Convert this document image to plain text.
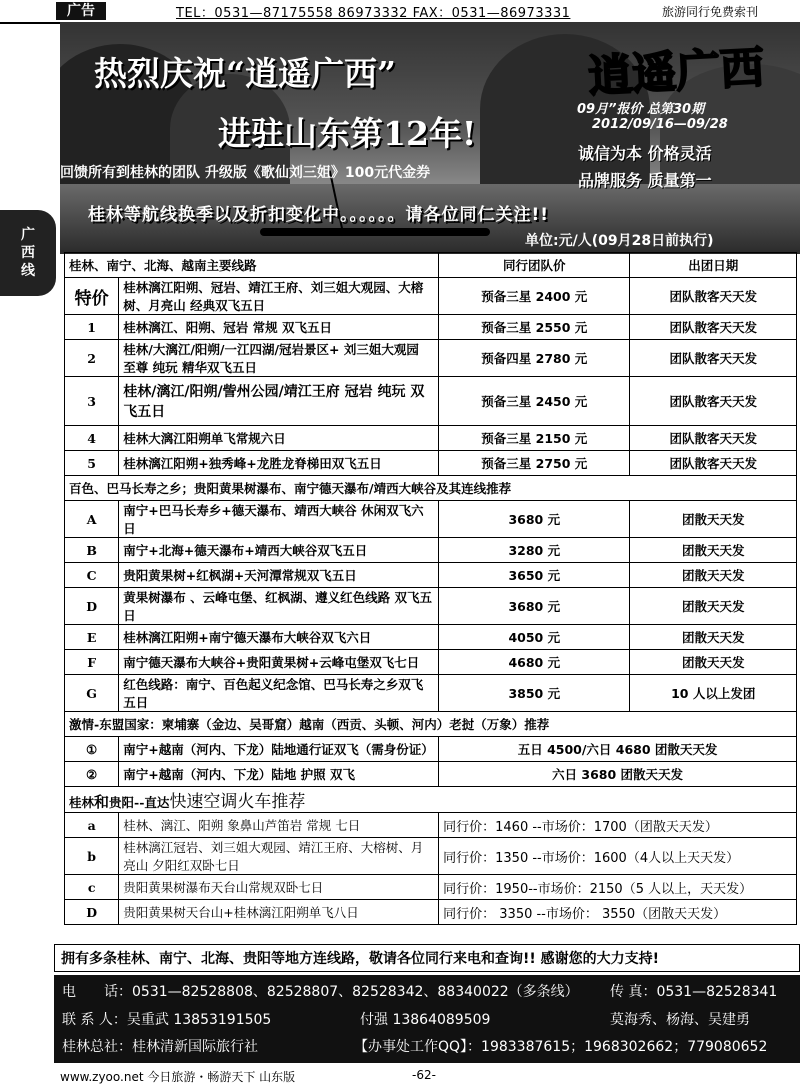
广告	TEL：0531—87175558 86973332 FAX：0531—86973331	旅游同行免费索刊
热烈庆祝“逍遥广西”
进驻山东第12年!
逍遥广西
09月”报价 总第30期
2012/09/16—09/28
回馈所有到桂林的团队 升级版《歌仙刘三姐》100元代金券
诚信为本 价格灵活
品牌服务 质量第一
桂林等航线换季以及折扣变化中。。。。。。请各位同仁关注!!
单位:元/人(09月28日前执行)
广
西
线	桂林、南宁、北海、越南主要线路		同行团队价	出团日期
特价	桂林漓江阳朔、冠岩、靖江王府、刘三姐大观园、大榕树、月亮山 经典双飞五日	预备三星 2400 元	团队散客天天发
1	桂林漓江、阳朔、冠岩 常规 双飞五日	预备三星 2550 元	团队散客天天发
2	桂林/大漓江/阳朔/一江四湖/冠岩景区+ 刘三姐大观园 至尊 纯玩 精华双飞五日	预备四星 2780 元	团队散客天天发
3	桂林/漓江/阳朔/訾州公园/靖江王府 冠岩 纯玩 双飞五日	预备三星 2450 元	团队散客天天发
4	桂林大漓江阳朔单飞常规六日	预备三星 2150 元	团队散客天天发
5	桂林漓江阳朔+独秀峰+龙胜龙脊梯田双飞五日	预备三星 2750 元	团队散客天天发
百色、巴马长寿之乡；贵阳黄果树瀑布、南宁德天瀑布/靖西大峡谷及其连线推荐			
A	南宁+巴马长寿乡+德天瀑布、靖西大峡谷 休闲双飞六日	3680 元	团散天天发
B	南宁+北海+德天瀑布+靖西大峡谷双飞五日	3280 元	团散天天发
C	贵阳黄果树+红枫湖+天河潭常规双飞五日	3650 元	团散天天发
D	黄果树瀑布 、云峰屯堡、红枫湖、遵义红色线路 双飞五日	3680 元	团散天天发
E	桂林漓江阳朔+南宁德天瀑布大峡谷双飞六日	4050 元	团散天天发
F	南宁德天瀑布大峡谷+贵阳黄果树+云峰屯堡双飞七日	4680 元	团散天天发
G	红色线路：南宁、百色起义纪念馆、巴马长寿之乡双飞五日	3850 元	10 人以上发团
激情-东盟国家：柬埔寨（金边、吴哥窟）越南（西贡、头顿、河内）老挝（万象）推荐			
①	南宁+越南（河内、下龙）陆地通行证双飞（需身份证）	五日 4500/六日 4680 团散天天发	
②	南宁+越南（河内、下龙）陆地 护照 双飞	六日 3680 团散天天发	
桂林和贵阳--直达快速空调火车推荐			
a	桂林、漓江、阳朔 象鼻山芦笛岩 常规 七日	同行价：1460 --市场价：1700（团散天天发）	
b	桂林漓江冠岩、刘三姐大观园、靖江王府、大榕树、月亮山 夕阳红双卧七日	同行价：1350 --市场价：1600（4人以上天天发）	
c	贵阳黄果树瀑布天台山常规双卧七日	同行价：1950--市场价：2150（5 人以上，天天发）	
D	贵阳黄果树天台山+桂林漓江阳朔单飞八日	同行价： 3350 --市场价： 3550（团散天天发）	
拥有多条桂林、南宁、北海、贵阳等地方连线路，敬请各位同行来电和查询!! 感谢您的大力支持!
电　　话：0531—82528808、82528807、82528342、88340022（多条线） 传 真：0531—82528341
联 系 人：吴重武 13853191505	付强 13864089509	莫海秀、杨海、吴建勇
桂林总社：桂林清新国际旅行社	【办事处工作QQ】：1983387615；1968302662；779080652
www.zyoo.net 今日旅游・畅游天下 山东版	-62-
